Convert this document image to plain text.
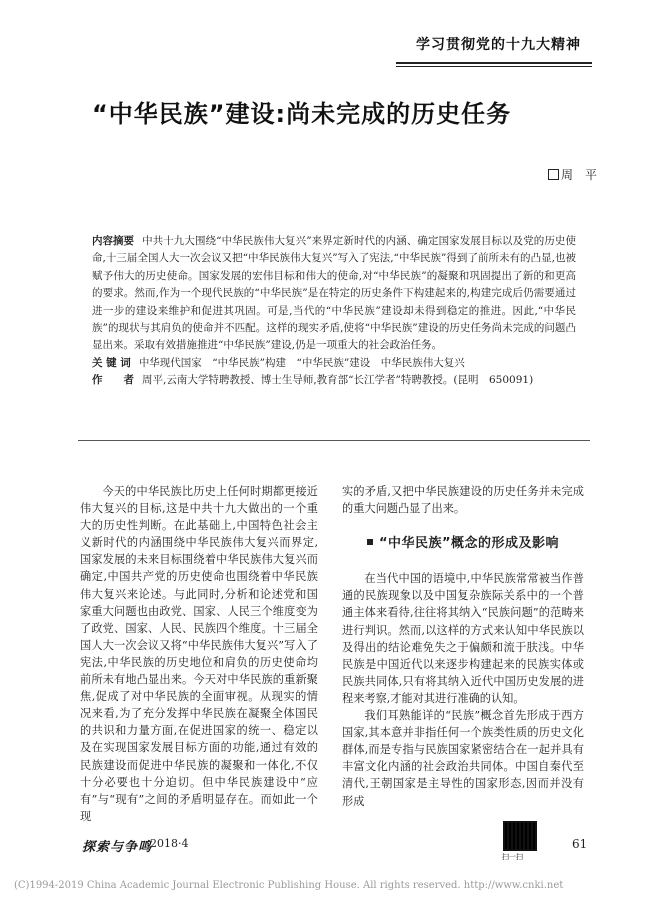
学习贯彻党的十九大精神
“中华民族”建设:尚未完成的历史任务
周　平

内容摘要 中共十九大围绕“中华民族伟大复兴”来界定新时代的内涵、确定国家发展目标以及党的历史使命,十三届全国人大一次会议又把“中华民族伟大复兴”写入了宪法,“中华民族”得到了前所未有的凸显,也被赋予伟大的历史使命。国家发展的宏伟目标和伟大的使命,对“中华民族”的凝聚和巩固提出了新的和更高的要求。然而,作为一个现代民族的“中华民族”是在特定的历史条件下构建起来的,构建完成后仍需要通过进一步的建设来维护和促进其巩固。可是,当代的“中华民族”建设却未得到稳定的推进。因此,“中华民族”的现状与其肩负的使命并不匹配。这样的现实矛盾,使将“中华民族”建设的历史任务尚未完成的问题凸显出来。采取有效措施推进“中华民族”建设,仍是一项重大的社会政治任务。

关 键 词 中华现代国家　“中华民族”构建　“中华民族”建设　中华民族伟大复兴

作　　者 周平,云南大学特聘教授、博士生导师,教育部“长江学者”特聘教授。(昆明　650091)

今天的中华民族比历史上任何时期都更接近伟大复兴的目标,这是中共十九大做出的一个重大的历史性判断。在此基础上,中国特色社会主义新时代的内涵围绕中华民族伟大复兴而界定,国家发展的未来目标围绕着中华民族伟大复兴而确定,中国共产党的历史使命也围绕着中华民族伟大复兴来论述。与此同时,分析和论述党和国家重大问题也由政党、国家、人民三个维度变为了政党、国家、人民、民族四个维度。十三届全国人大一次会议又将“中华民族伟大复兴”写入了宪法,中华民族的历史地位和肩负的历史使命均前所未有地凸显出来。今天对中华民族的重新聚焦,促成了对中华民族的全面审视。从现实的情况来看,为了充分发挥中华民族在凝聚全体国民的共识和力量方面,在促进国家的统一、稳定以及在实现国家发展目标方面的功能,通过有效的民族建设而促进中华民族的凝聚和一体化,不仅十分必要也十分迫切。但中华民族建设中“应有”与“现有”之间的矛盾明显存在。而如此一个现

实的矛盾,又把中华民族建设的历史任务并未完成的重大问题凸显了出来。

“中华民族”概念的形成及影响

在当代中国的语境中,中华民族常常被当作普通的民族现象以及中国复杂族际关系中的一个普通主体来看待,往往将其纳入“民族问题”的范畴来进行判识。然而,以这样的方式来认知中华民族以及得出的结论难免失之于偏颇和流于肤浅。中华民族是中国近代以来逐步构建起来的民族实体或民族共同体,只有将其纳入近代中国历史发展的进程来考察,才能对其进行准确的认知。

我们耳熟能详的“民族”概念首先形成于西方国家,其本意并非指任何一个族类性质的历史文化群体,而是专指与民族国家紧密结合在一起并具有丰富文化内涵的社会政治共同体。中国自秦代至清代,王朝国家是主导性的国家形态,因而并没有形成

探索与争鸣
2018·4
扫一扫
61
(C)1994-2019 China Academic Journal Electronic Publishing House. All rights reserved. http://www.cnki.net
